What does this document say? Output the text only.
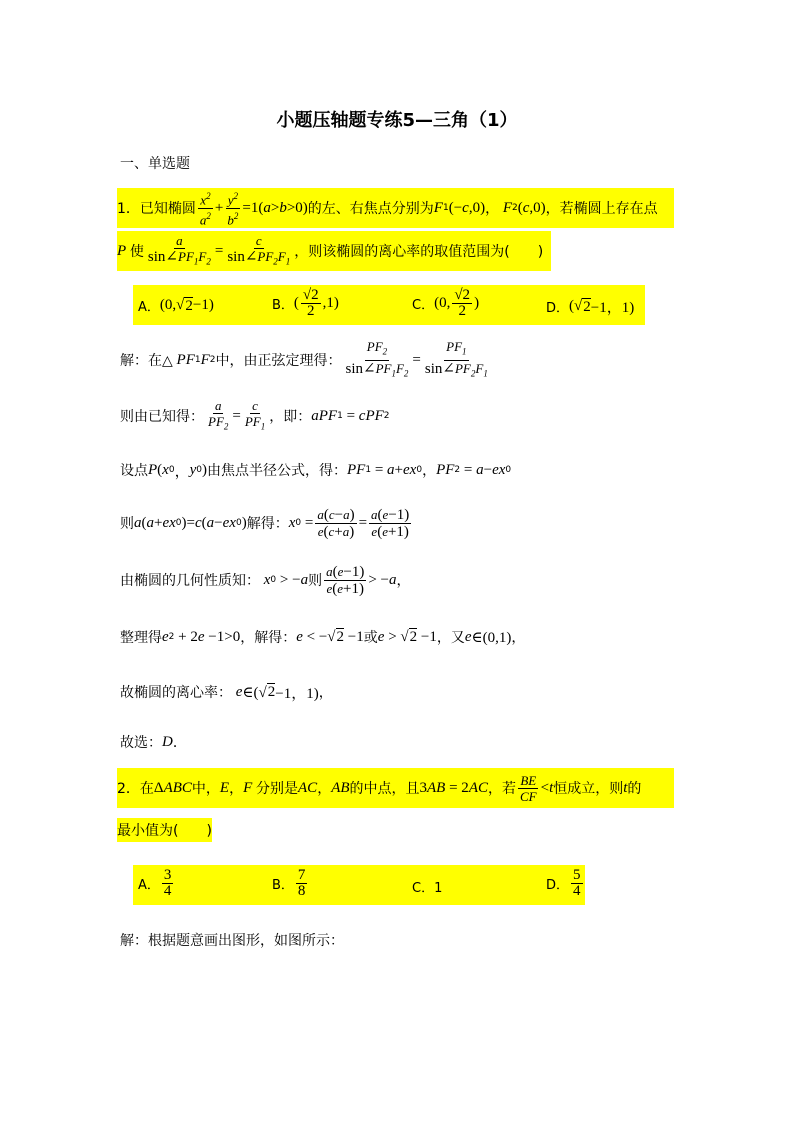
小题压轴题专练5—三角（1）
一、单选题
1．已知椭圆 $\frac{x^2}{a^2} + \frac{y^2}{b^2} =1$( a > b >0) 的左、右焦点分别为 F 1 (− c ,0) ， F 2 ( c ,0) ，若椭圆上存在点
P 使 $\frac{a}{\sin\angle PF_1F_2} = \frac{c}{\sin\angle PF_2F_1}$ ，则该椭圆的离心率的取值范围为(　　)
A． (0, √ 2 −1)	B． ( $\frac{√2}{2} ,1$)	C． (0, $\frac{√2}{2}$ )	D． ( √ 2 −1，1)
解：在△ PF 1 F 2 中，由正弦定理得： $\frac{PF_2}{\sin\angle PF_1F_2} = \frac{PF_1}{\sin\angle PF_2F_1}$
则由已知得： $\frac{a}{PF_2} = \frac{c}{PF_1}$ ，即： aPF 1 = cPF 2
设点 P ( x 0 ， y 0 ) 由焦点半径公式，得： PF 1 = a + ex 0 ， PF 2 = a − ex 0
则 a ( a + ex 0 )= c ( a − ex 0 ) 解得： x $0 = \frac{a(c-a)}{e(c+a)} = \frac{a(e-1)}{e(e+1)}$
由椭圆的几何性质知： x 0 > − a 则 $\frac{a(e-1)}{e(e+1)}$ > − a ，
整理得 e 2 + 2 e −1>0 ，解得： e < −√ 2 −1 或 e > √ 2 −1 ，又 e ∈(0,1) ，
故椭圆的离心率： e ∈(√ 2 −1，1) ，
故选： D ．
2．在 Δ ABC 中， E ， F 分别是 AC ， AB 的中点，且 3 AB = 2 AC ，若 $\frac{BE}{CF} < t$ 恒成立，则 t 的
最小值为(　　)
A． $\frac{3}{4}$	B． $\frac{7}{8}$	C．1	D． $\frac{5}{4}$
解：根据题意画出图形，如图所示：
